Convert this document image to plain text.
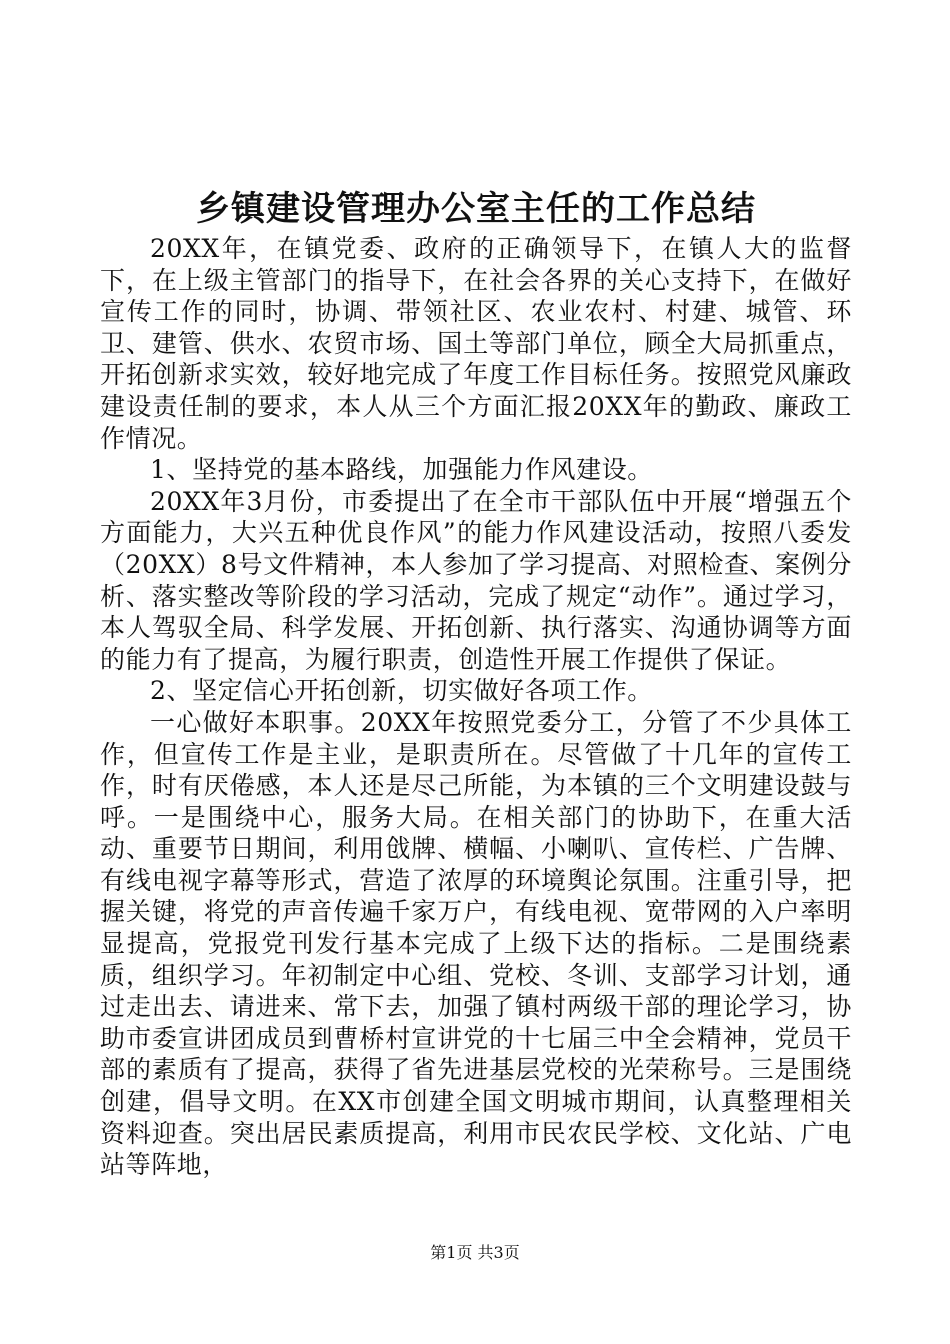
乡镇建设管理办公室主任的工作总结

20XX年，在镇党委、政府的正确领导下，在镇人大的监督下，在上级主管部门的指导下，在社会各界的关心支持下，在做好宣传工作的同时，协调、带领社区、农业农村、村建、城管、环卫、建管、供水、农贸市场、国土等部门单位，顾全大局抓重点，开拓创新求实效，较好地完成了年度工作目标任务。按照党风廉政建设责任制的要求，本人从三个方面汇报20XX年的勤政、廉政工作情况。

1、坚持党的基本路线，加强能力作风建设。

20XX年3月份，市委提出了在全市干部队伍中开展“增强五个方面能力，大兴五种优良作风”的能力作风建设活动，按照八委发（20XX）8号文件精神，本人参加了学习提高、对照检查、案例分析、落实整改等阶段的学习活动，完成了规定“动作”。通过学习，本人驾驭全局、科学发展、开拓创新、执行落实、沟通协调等方面的能力有了提高，为履行职责，创造性开展工作提供了保证。

2、坚定信心开拓创新，切实做好各项工作。

一心做好本职事。20XX年按照党委分工，分管了不少具体工作，但宣传工作是主业，是职责所在。尽管做了十几年的宣传工作，时有厌倦感，本人还是尽己所能，为本镇的三个文明建设鼓与呼。一是围绕中心，服务大局。在相关部门的协助下，在重大活动、重要节日期间，利用戗牌、横幅、小喇叭、宣传栏、广告牌、有线电视字幕等形式，营造了浓厚的环境舆论氛围。注重引导，把握关键，将党的声音传遍千家万户，有线电视、宽带网的入户率明显提高，党报党刊发行基本完成了上级下达的指标。二是围绕素质，组织学习。年初制定中心组、党校、冬训、支部学习计划，通过走出去、请进来、常下去，加强了镇村两级干部的理论学习，协助市委宣讲团成员到曹桥村宣讲党的十七届三中全会精神，党员干部的素质有了提高，获得了省先进基层党校的光荣称号。三是围绕创建，倡导文明。在XX市创建全国文明城市期间，认真整理相关资料迎查。突出居民素质提高，利用市民农民学校、文化站、广电站等阵地，

第1页 共3页
